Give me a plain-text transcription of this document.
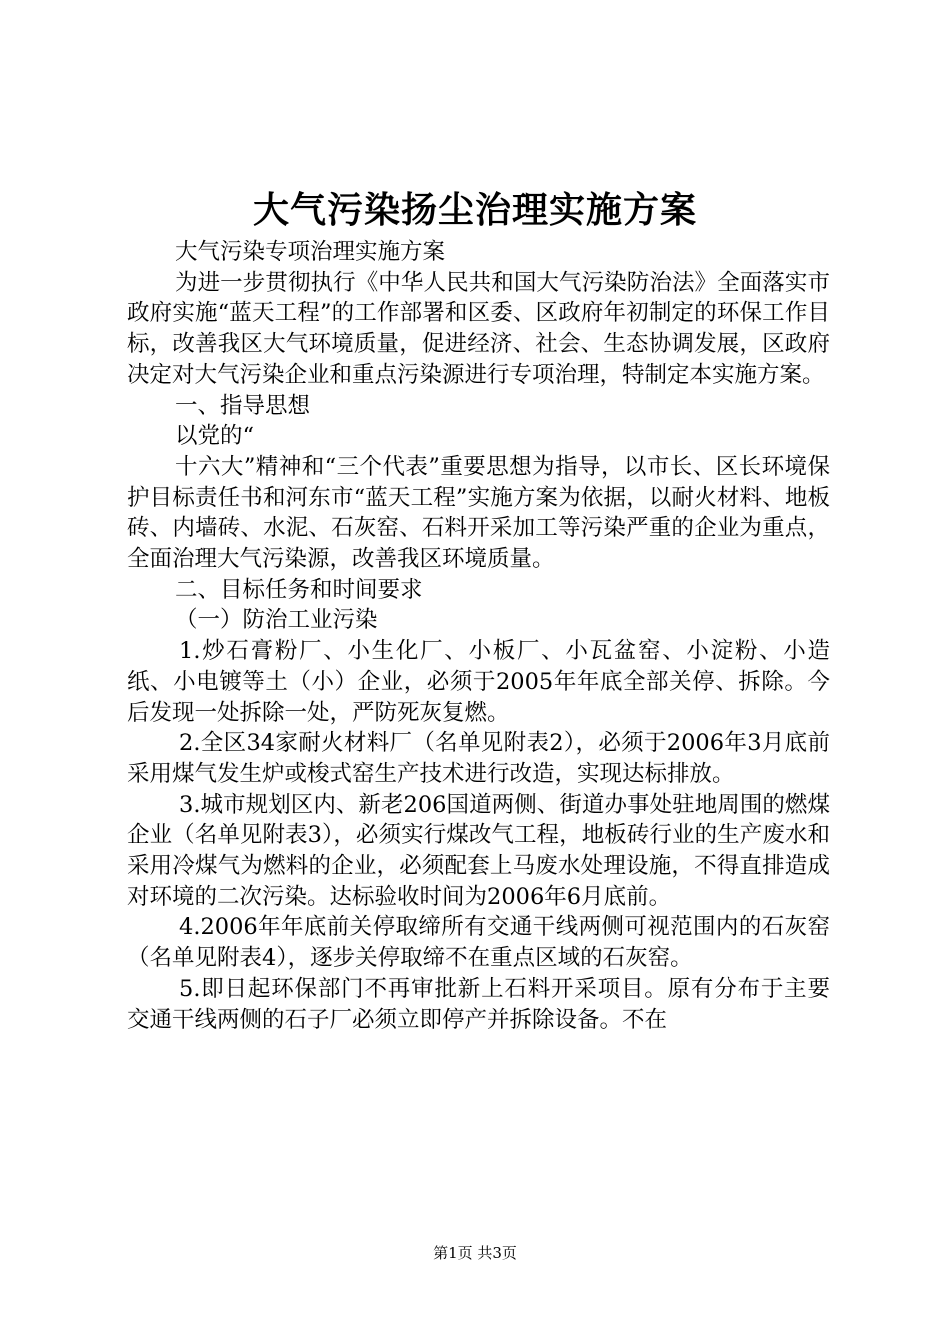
大气污染扬尘治理实施方案

大气污染专项治理实施方案

为进一步贯彻执行《中华人民共和国大气污染防治法》全面落实市政府实施“蓝天工程”的工作部署和区委、区政府年初制定的环保工作目标，改善我区大气环境质量，促进经济、社会、生态协调发展，区政府决定对大气污染企业和重点污染源进行专项治理，特制定本实施方案。

一、指导思想

以党的“

十六大”精神和“三个代表”重要思想为指导，以市长、区长环境保护目标责任书和河东市“蓝天工程”实施方案为依据，以耐火材料、地板砖、内墙砖、水泥、石灰窑、石料开采加工等污染严重的企业为重点，全面治理大气污染源，改善我区环境质量。

二、目标任务和时间要求

（一）防治工业污染

1.炒石膏粉厂、小生化厂、小板厂、小瓦盆窑、小淀粉、小造纸、小电镀等土（小）企业，必须于2005年年底全部关停、拆除。今后发现一处拆除一处，严防死灰复燃。

2.全区34家耐火材料厂（名单见附表2），必须于2006年3月底前采用煤气发生炉或梭式窑生产技术进行改造，实现达标排放。

3.城市规划区内、新老206国道两侧、街道办事处驻地周围的燃煤企业（名单见附表3），必须实行煤改气工程，地板砖行业的生产废水和采用冷煤气为燃料的企业，必须配套上马废水处理设施，不得直排造成对环境的二次污染。达标验收时间为2006年6月底前。

4.2006年年底前关停取缔所有交通干线两侧可视范围内的石灰窑（名单见附表4），逐步关停取缔不在重点区域的石灰窑。

5.即日起环保部门不再审批新上石料开采项目。原有分布于主要交通干线两侧的石子厂必须立即停产并拆除设备。不在

第1页 共3页
